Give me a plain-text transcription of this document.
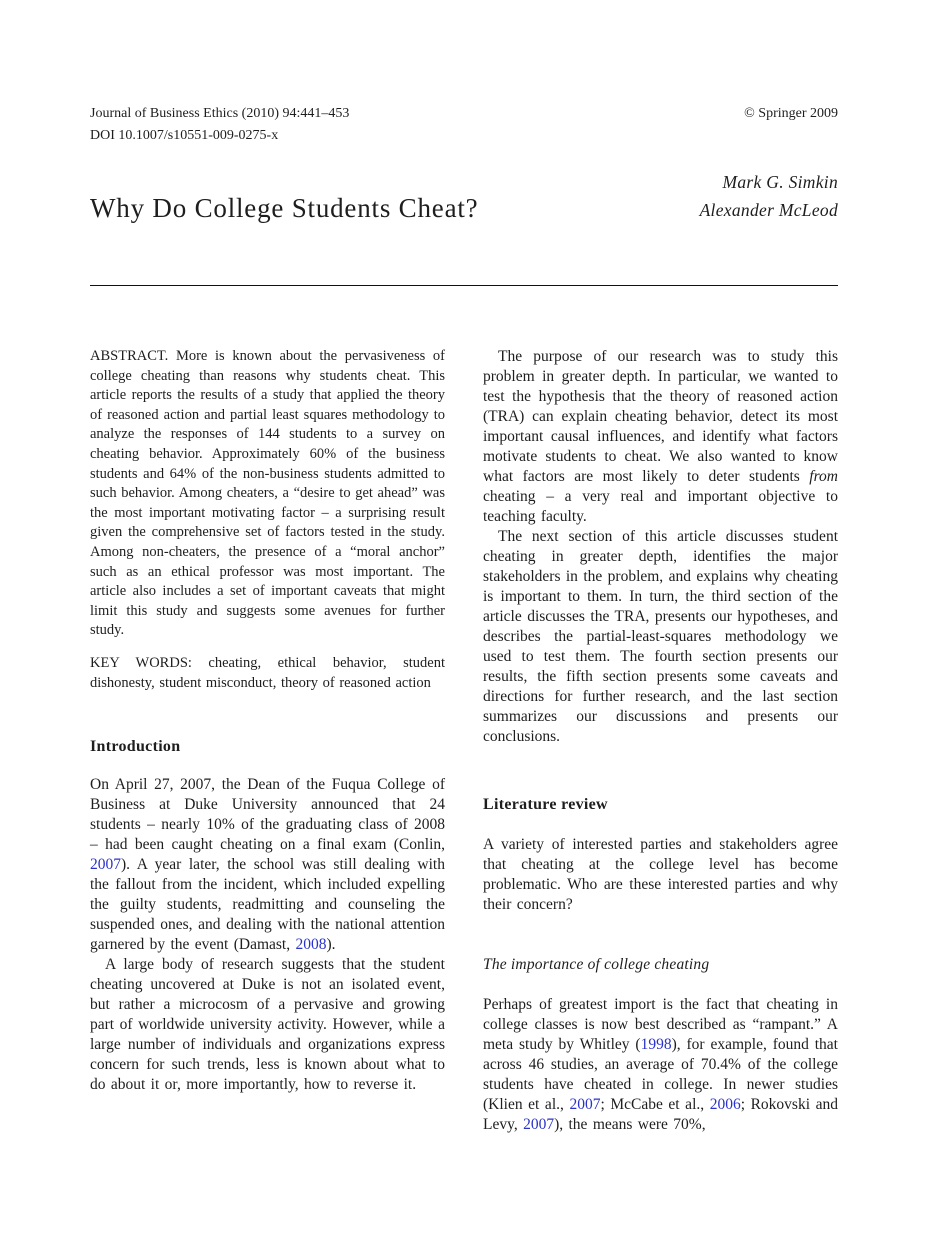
Journal of Business Ethics (2010) 94:441–453
DOI 10.1007/s10551-009-0275-x
© Springer 2009
Why Do College Students Cheat?
Mark G. Simkin
Alexander McLeod

ABSTRACT. More is known about the pervasiveness of college cheating than reasons why students cheat. This article reports the results of a study that applied the theory of reasoned action and partial least squares methodology to analyze the responses of 144 students to a survey on cheating behavior. Approximately 60% of the business students and 64% of the non-business students admitted to such behavior. Among cheaters, a “desire to get ahead” was the most important motivating factor – a surprising result given the comprehensive set of factors tested in the study. Among non-cheaters, the presence of a “moral anchor” such as an ethical professor was most important. The article also includes a set of important caveats that might limit this study and suggests some avenues for further study.

KEY WORDS: cheating, ethical behavior, student dishonesty, student misconduct, theory of reasoned action

Introduction

On April 27, 2007, the Dean of the Fuqua College of Business at Duke University announced that 24 students – nearly 10% of the graduating class of 2008 – had been caught cheating on a final exam (Conlin, 2007). A year later, the school was still dealing with the fallout from the incident, which included expelling the guilty students, readmitting and counseling the suspended ones, and dealing with the national attention garnered by the event (Damast, 2008).

A large body of research suggests that the student cheating uncovered at Duke is not an isolated event, but rather a microcosm of a pervasive and growing part of worldwide university activity. However, while a large number of individuals and organizations express concern for such trends, less is known about what to do about it or, more importantly, how to reverse it.

The purpose of our research was to study this problem in greater depth. In particular, we wanted to test the hypothesis that the theory of reasoned action (TRA) can explain cheating behavior, detect its most important causal influences, and identify what factors motivate students to cheat. We also wanted to know what factors are most likely to deter students from cheating – a very real and important objective to teaching faculty.

The next section of this article discusses student cheating in greater depth, identifies the major stakeholders in the problem, and explains why cheating is important to them. In turn, the third section of the article discusses the TRA, presents our hypotheses, and describes the partial-least-squares methodology we used to test them. The fourth section presents our results, the fifth section presents some caveats and directions for further research, and the last section summarizes our discussions and presents our conclusions.

Literature review

A variety of interested parties and stakeholders agree that cheating at the college level has become problematic. Who are these interested parties and why their concern?

The importance of college cheating

Perhaps of greatest import is the fact that cheating in college classes is now best described as “rampant.” A meta study by Whitley (1998), for example, found that across 46 studies, an average of 70.4% of the college students have cheated in college. In newer studies (Klien et al., 2007; McCabe et al., 2006; Rokovski and Levy, 2007), the means were 70%,
